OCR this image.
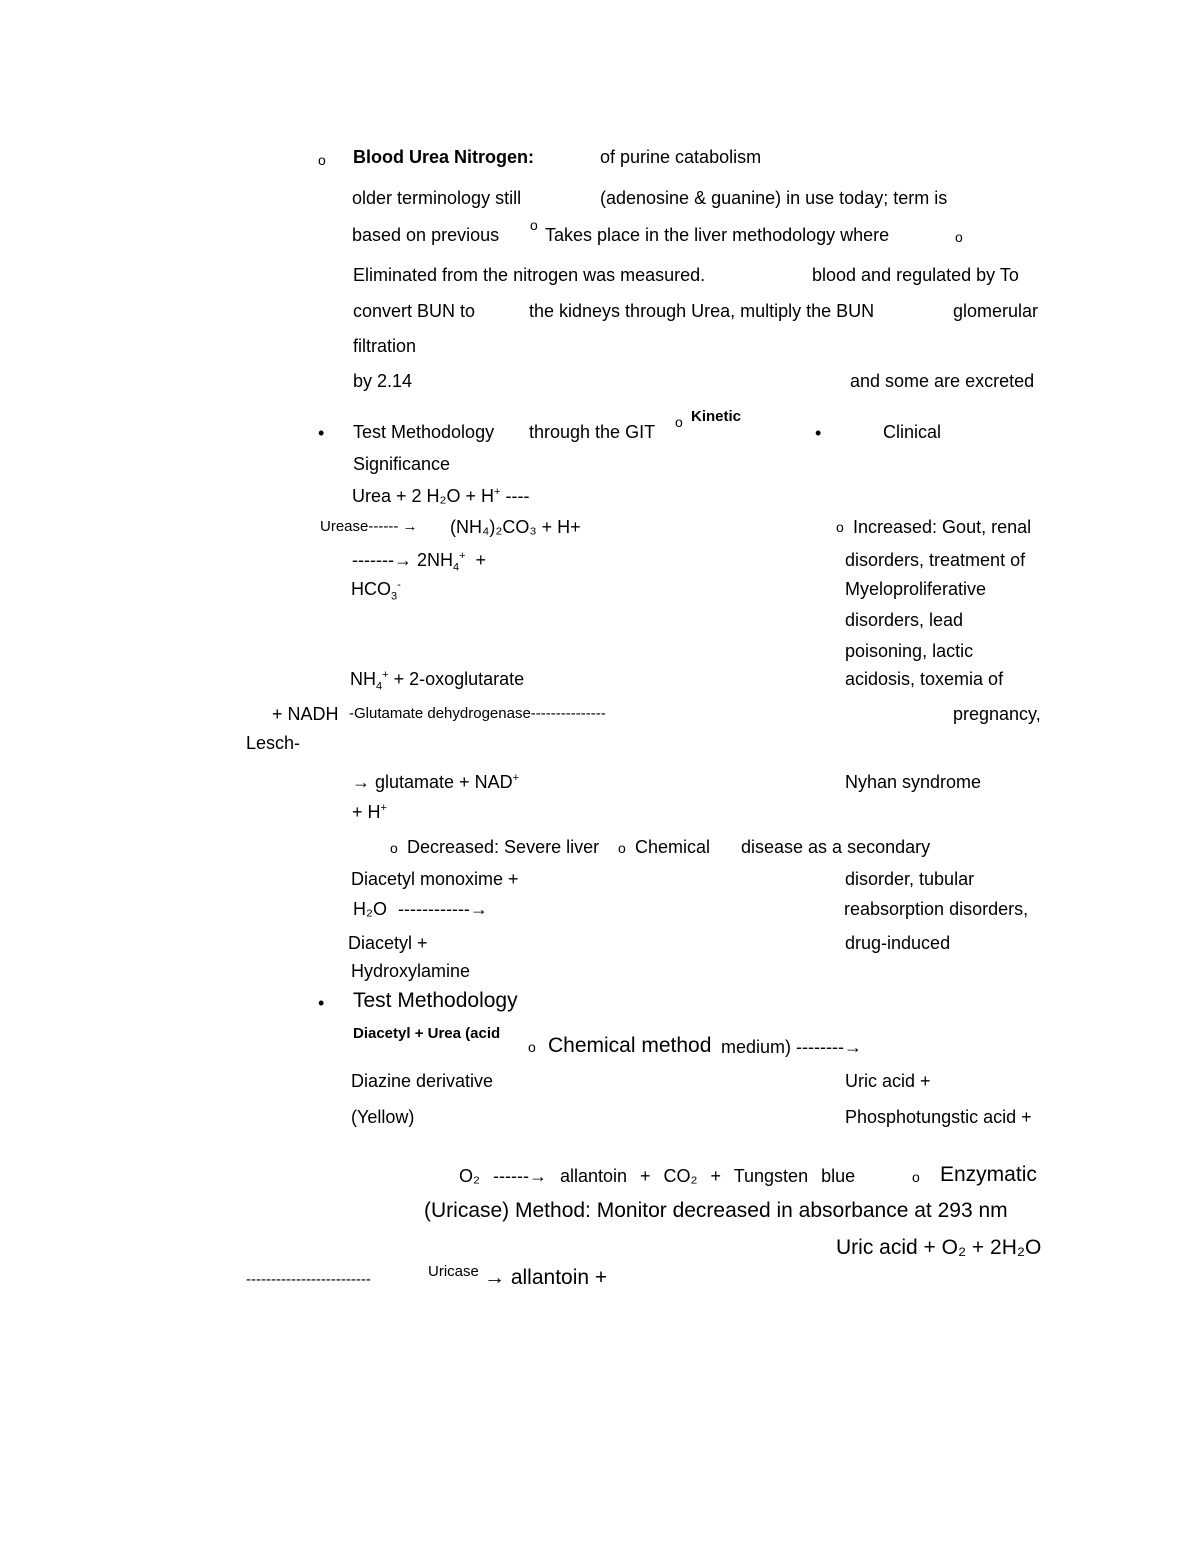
o Blood Urea Nitrogen:	of purine catabolism
older terminology still	(adenosine & guanine) in use today; term is
based on previous o Takes place in the liver methodology where	o
Eliminated from the nitrogen was measured.	blood and regulated by To
convert BUN to	the kidneys through Urea, multiply the BUN	glomerular
filtration
by 2.14	and some are excreted
• Test Methodology through the GIT o Kinetic
•	Clinical
Significance
Urea + 2 H₂O + H+ ----
Urease------ → (NH₄)₂CO₃ + H+	o Increased: Gout, renal
-------→ $2NH_4^+$ +	disorders, treatment of
$HCO_3^-$	Myeloproliferative
disorders, lead
poisoning, lactic
$NH_4^+$ + 2-oxoglutarate	acidosis, toxemia of
+ NADH -Glutamate dehydrogenase---------------	pregnancy,
Lesch-
→ glutamate + NAD+	Nyhan syndrome
+ H+
o Decreased: Severe liver o Chemical disease as a secondary
Diacetyl monoxime +	disorder, tubular
H₂O ------------→	reabsorption disorders,
Diacetyl +	drug-induced
Hydroxylamine
• Test Methodology
Diacetyl + Urea (acid
o Chemical method medium) --------→
Diazine derivative	Uric acid +
(Yellow)	Phosphotungstic acid +
O₂ ------→ allantoin + CO₂ + Tungsten blue	o Enzymatic
(Uricase) Method: Monitor decreased in absorbance at 293 nm
Uric acid + O₂ + 2H₂O
-------------------------	Uricase → allantoin +
